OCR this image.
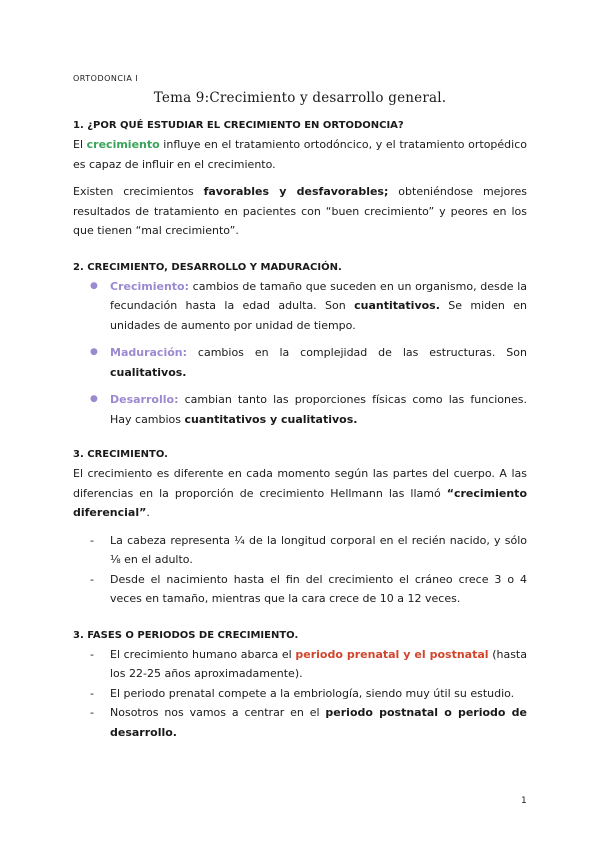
ORTODONCIA I
Tema 9:Crecimiento y desarrollo general.
1. ¿POR QUÉ ESTUDIAR EL CRECIMIENTO EN ORTODONCIA?

El crecimiento influye en el tratamiento ortodóncico, y el tratamiento ortopédico es capaz de influir en el crecimiento.

Existen crecimientos favorables y desfavorables; obteniéndose mejores resultados de tratamiento en pacientes con “buen crecimiento” y peores en los que tienen “mal crecimiento”.

2. CRECIMIENTO, DESARROLLO Y MADURACIÓN.
● Crecimiento: cambios de tamaño que suceden en un organismo, desde la fecundación hasta la edad adulta. Son cuantitativos. Se miden en unidades de aumento por unidad de tiempo.
● Maduración: cambios en la complejidad de las estructuras. Son cualitativos.
● Desarrollo: cambian tanto las proporciones físicas como las funciones. Hay cambios cuantitativos y cualitativos.
3. CRECIMIENTO.

El crecimiento es diferente en cada momento según las partes del cuerpo. A las diferencias en la proporción de crecimiento Hellmann las llamó “crecimiento diferencial”.

- La cabeza representa ¼ de la longitud corporal en el recién nacido, y sólo ⅛ en el adulto.
- Desde el nacimiento hasta el fin del crecimiento el cráneo crece 3 o 4 veces en tamaño, mientras que la cara crece de 10 a 12 veces.
3. FASES O PERIODOS DE CRECIMIENTO.
- El crecimiento humano abarca el periodo prenatal y el postnatal (hasta los 22-25 años aproximadamente).
- El periodo prenatal compete a la embriología, siendo muy útil su estudio.
- Nosotros nos vamos a centrar en el periodo postnatal o periodo de desarrollo.
1
